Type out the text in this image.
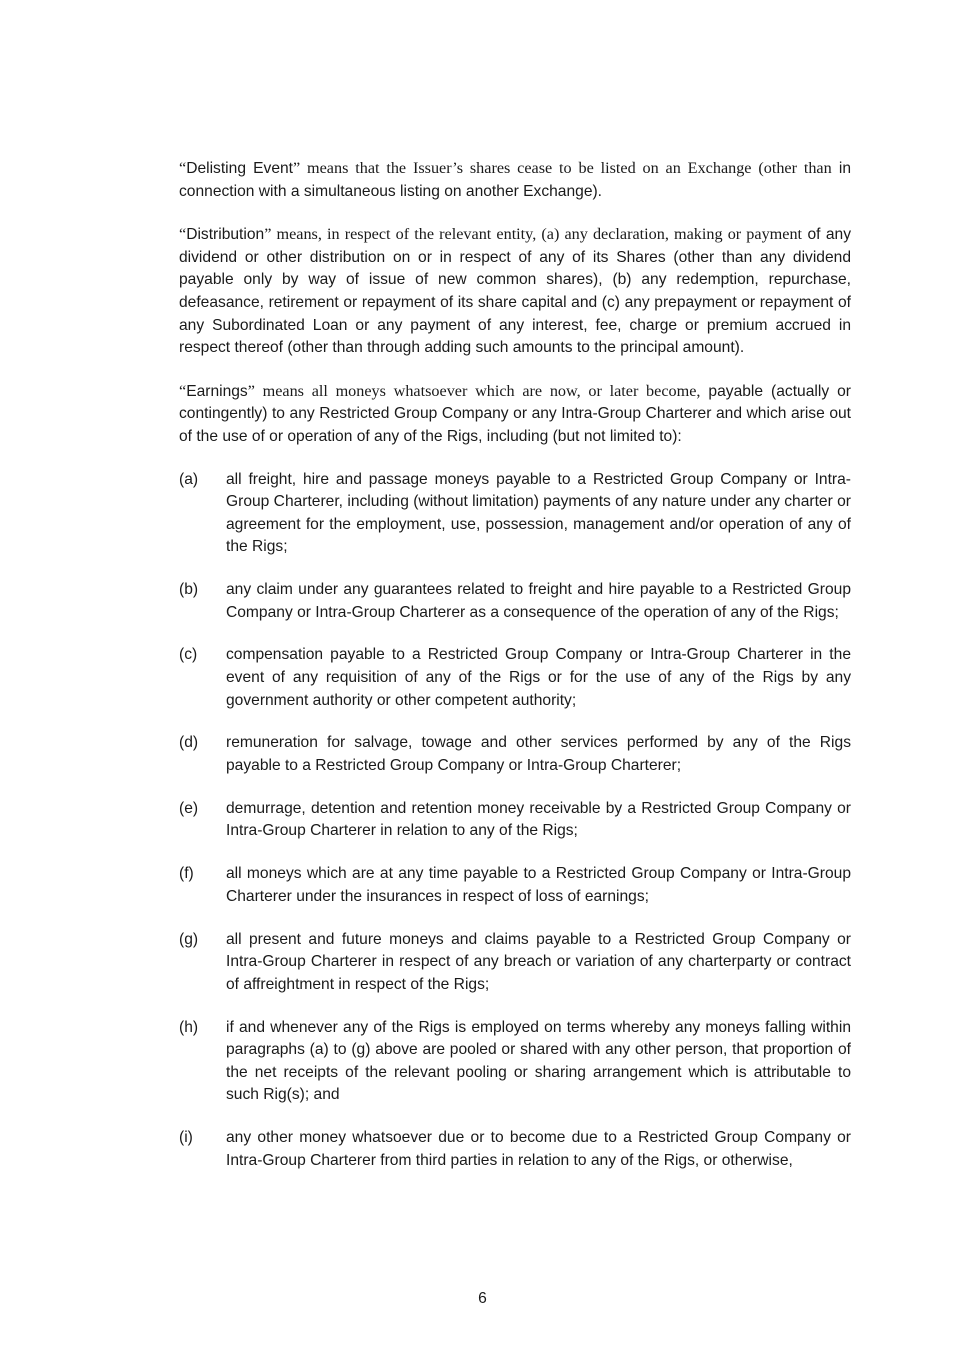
“Delisting Event” means that the Issuer’s shares cease to be listed on an Exchange (other than in connection with a simultaneous listing on another Exchange).

“Distribution” means, in respect of the relevant entity, (a) any declaration, making or payment of any dividend or other distribution on or in respect of any of its Shares (other than any dividend payable only by way of issue of new common shares), (b) any redemption, repurchase, defeasance, retirement or repayment of its share capital and (c) any prepayment or repayment of any Subordinated Loan or any payment of any interest, fee, charge or premium accrued in respect thereof (other than through adding such amounts to the principal amount).

“Earnings” means all moneys whatsoever which are now, or later become, payable (actually or contingently) to any Restricted Group Company or any Intra-Group Charterer and which arise out of the use of or operation of any of the Rigs, including (but not limited to):

(a)	all freight, hire and passage moneys payable to a Restricted Group Company or Intra-Group Charterer, including (without limitation) payments of any nature under any charter or agreement for the employment, use, possession, management and/or operation of any of the Rigs;
(b)	any claim under any guarantees related to freight and hire payable to a Restricted Group Company or Intra-Group Charterer as a consequence of the operation of any of the Rigs;
(c)	compensation payable to a Restricted Group Company or Intra-Group Charterer in the event of any requisition of any of the Rigs or for the use of any of the Rigs by any government authority or other competent authority;
(d)	remuneration for salvage, towage and other services performed by any of the Rigs payable to a Restricted Group Company or Intra-Group Charterer;
(e)	demurrage, detention and retention money receivable by a Restricted Group Company or Intra-Group Charterer in relation to any of the Rigs;
(f)	all moneys which are at any time payable to a Restricted Group Company or Intra-Group Charterer under the insurances in respect of loss of earnings;
(g)	all present and future moneys and claims payable to a Restricted Group Company or Intra-Group Charterer in respect of any breach or variation of any charterparty or contract of affreightment in respect of the Rigs;
(h)	if and whenever any of the Rigs is employed on terms whereby any moneys falling within paragraphs (a) to (g) above are pooled or shared with any other person, that proportion of the net receipts of the relevant pooling or sharing arrangement which is attributable to such Rig(s); and
(i)	any other money whatsoever due or to become due to a Restricted Group Company or Intra-Group Charterer from third parties in relation to any of the Rigs, or otherwise,
6
